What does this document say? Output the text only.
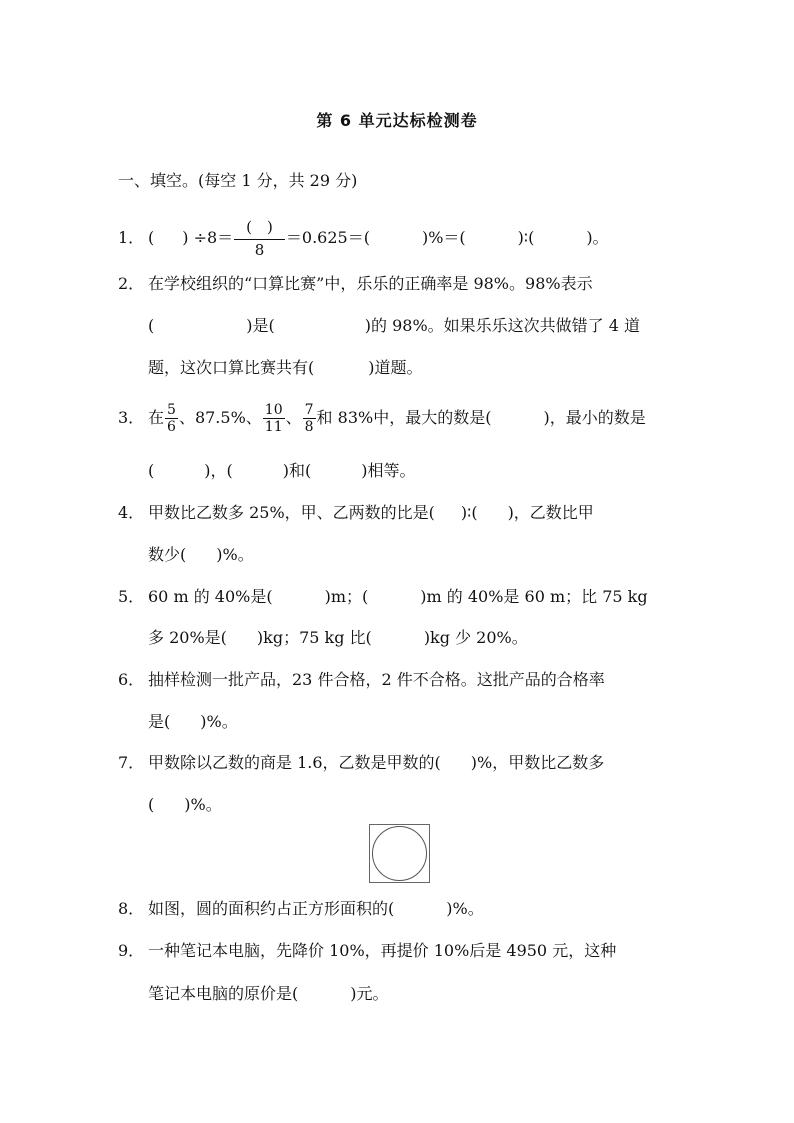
第 6 单元达标检测卷
一、填空。(每空 1 分，共 29 分)
1． ( ) $\div 8= \frac{( )}{8} =0.625=$(	)%＝(	)∶(	)。
2． 在学校组织的“口算比赛”中，乐乐的正确率是 98%。98%表示
(	)是(	)的 98%。如果乐乐这次共做错了 4 道
题，这次口算比赛共有(	)道题。
3． 在 $\frac{5}{6}$ 、87.5%、 $\frac{10}{11}$ 、 $\frac{7}{8}$ 和 83%中，最大的数是(	)，最小的数是
(	)，(	)和(	)相等。
4． 甲数比乙数多 25%，甲、乙两数的比是( )∶( )，乙数比甲
数少( )%。
5． 60 m 的 40%是(	)m；(	)m 的 40%是 60 m；比 75 kg
多 20%是( )kg；75 kg 比(	)kg 少 20%。
6． 抽样检测一批产品，23 件合格，2 件不合格。这批产品的合格率
是( )%。
7． 甲数除以乙数的商是 1.6，乙数是甲数的( )%，甲数比乙数多
( )%。
8． 如图，圆的面积约占正方形面积的(	)%。
9． 一种笔记本电脑，先降价 10%，再提价 10%后是 4950 元，这种
笔记本电脑的原价是(	)元。
